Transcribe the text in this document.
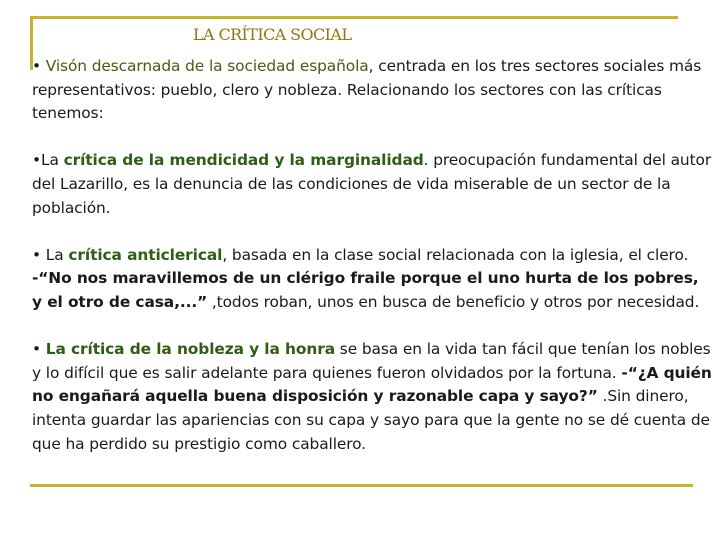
LA CRÍTICA SOCIAL

• Visón descarnada de la sociedad española, centrada en los tres sectores sociales más representativos: pueblo, clero y nobleza. Relacionando los sectores con las críticas tenemos:

•La crítica de la mendicidad y la marginalidad. preocupación fundamental del autor del Lazarillo, es la denuncia de las condiciones de vida miserable de un sector de la población.

• La crítica anticlerical, basada en la clase social relacionada con la iglesia, el clero. -“No nos maravillemos de un clérigo fraile porque el uno hurta de los pobres, y el otro de casa,...” ,todos roban, unos en busca de beneficio y otros por necesidad.

• La crítica de la nobleza y la honra se basa en la vida tan fácil que tenían los nobles y lo difícil que es salir adelante para quienes fueron olvidados por la fortuna. -“¿A quién no engañará aquella buena disposición y razonable capa y sayo?” .Sin dinero, intenta guardar las apariencias con su capa y sayo para que la gente no se dé cuenta de que ha perdido su prestigio como caballero.
